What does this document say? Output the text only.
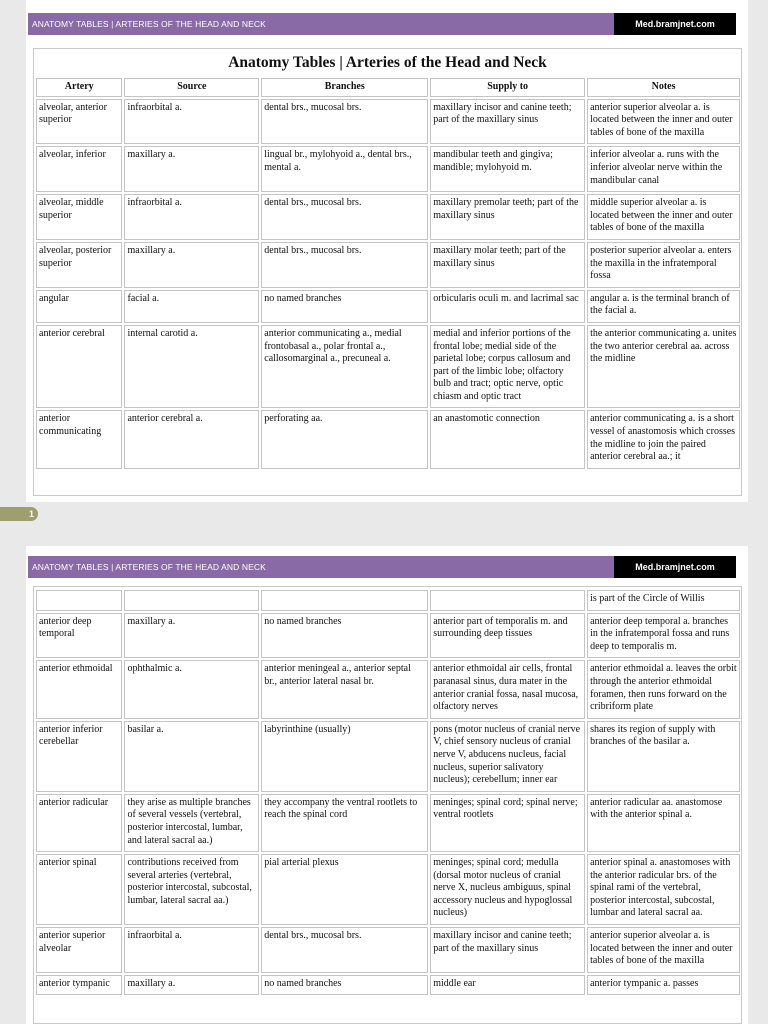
ANATOMY TABLES | ARTERIES OF THE HEAD AND NECK	Med.bramjnet.com
Anatomy Tables | Arteries of the Head and Neck
Artery	Source	Branches	Supply to	Notes
alveolar, anterior superior	infraorbital a.	dental brs., mucosal brs.	maxillary incisor and canine teeth; part of the maxillary sinus	anterior superior alveolar a. is located between the inner and outer tables of bone of the maxilla
alveolar, inferior	maxillary a.	lingual br., mylohyoid a., dental brs., mental a.	mandibular teeth and gingiva; mandible; mylohyoid m.	inferior alveolar a. runs with the inferior alveolar nerve within the mandibular canal
alveolar, middle superior	infraorbital a.	dental brs., mucosal brs.	maxillary premolar teeth; part of the maxillary sinus	middle superior alveolar a. is located between the inner and outer tables of bone of the maxilla
alveolar, posterior superior	maxillary a.	dental brs., mucosal brs.	maxillary molar teeth; part of the maxillary sinus	posterior superior alveolar a. enters the maxilla in the infratemporal fossa
angular	facial a.	no named branches	orbicularis oculi m. and lacrimal sac	angular a. is the terminal branch of the facial a.
anterior cerebral	internal carotid a.	anterior communicating a., medial frontobasal a., polar frontal a., callosomarginal a., precuneal a.	medial and inferior portions of the frontal lobe; medial side of the parietal lobe; corpus callosum and part of the limbic lobe; olfactory bulb and tract; optic nerve, optic chiasm and optic tract	the anterior communicating a. unites the two anterior cerebral aa. across the midline
anterior communicating	anterior cerebral a.	perforating aa.	an anastomotic connection	anterior communicating a. is a short vessel of anastomosis which crosses the midline to join the paired anterior cerebral aa.; it
1
ANATOMY TABLES | ARTERIES OF THE HEAD AND NECK	Med.bramjnet.com
				is part of the Circle of Willis
anterior deep temporal	maxillary a.	no named branches	anterior part of temporalis m. and surrounding deep tissues	anterior deep temporal a. branches in the infratemporal fossa and runs deep to temporalis m.
anterior ethmoidal	ophthalmic a.	anterior meningeal a., anterior septal br., anterior lateral nasal br.	anterior ethmoidal air cells, frontal paranasal sinus, dura mater in the anterior cranial fossa, nasal mucosa, olfactory nerves	anterior ethmoidal a. leaves the orbit through the anterior ethmoidal foramen, then runs forward on the cribriform plate
anterior inferior cerebellar	basilar a.	labyrinthine (usually)	pons (motor nucleus of cranial nerve V, chief sensory nucleus of cranial nerve V, abducens nucleus, facial nucleus, superior salivatory nucleus); cerebellum; inner ear	shares its region of supply with branches of the basilar a.
anterior radicular	they arise as multiple branches of several vessels (vertebral, posterior intercostal, lumbar, and lateral sacral aa.)	they accompany the ventral rootlets to reach the spinal cord	meninges; spinal cord; spinal nerve; ventral rootlets	anterior radicular aa. anastomose with the anterior spinal a.
anterior spinal	contributions received from several arteries (vertebral, posterior intercostal, subcostal, lumbar, lateral sacral aa.)	pial arterial plexus	meninges; spinal cord; medulla (dorsal motor nucleus of cranial nerve X, nucleus ambiguus, spinal accessory nucleus and hypoglossal nucleus)	anterior spinal a. anastomoses with the anterior radicular brs. of the spinal rami of the vertebral, posterior intercostal, subcostal, lumbar and lateral sacral aa.
anterior superior alveolar	infraorbital a.	dental brs., mucosal brs.	maxillary incisor and canine teeth; part of the maxillary sinus	anterior superior alveolar a. is located between the inner and outer tables of bone of the maxilla
anterior tympanic	maxillary a.	no named branches	middle ear	anterior tympanic a. passes
